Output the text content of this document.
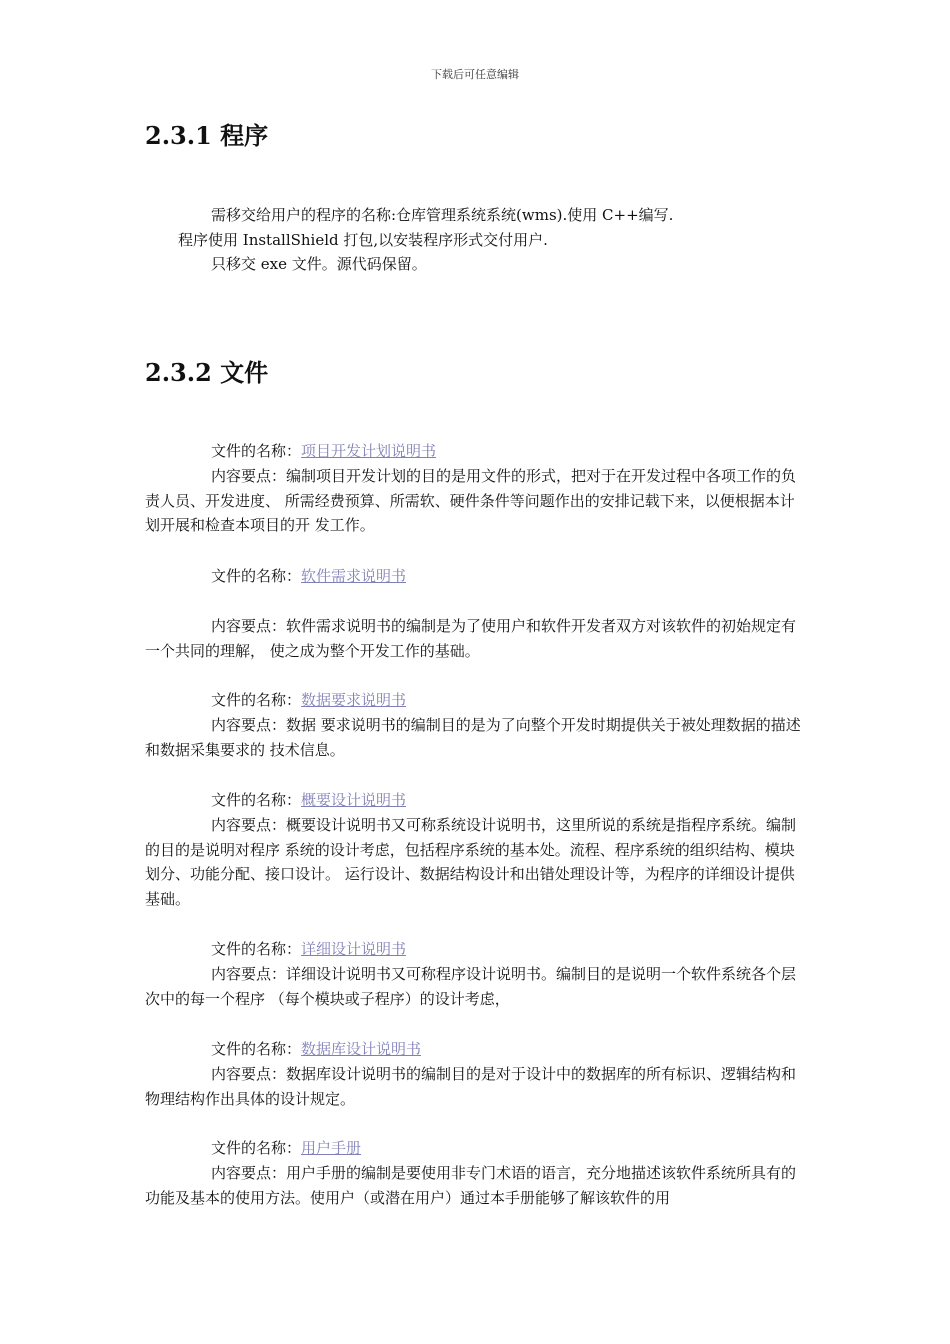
下载后可任意编辑
2.3.1 程序
需移交给用户的程序的名称:仓库管理系统系统(wms).使用 C++编写.
程序使用 InstallShield 打包,以安装程序形式交付用户.
只移交 exe 文件。源代码保留。
2.3.2 文件

文件的名称：项目开发计划说明书

内容要点：编制项目开发计划的目的是用文件的形式，把对于在开发过程中各项工作的负责人员、开发进度、 所需经费预算、所需软、硬件条件等问题作出的安排记载下来，以便根据本计划开展和检查本项目的开 发工作。

文件的名称：软件需求说明书

内容要点：软件需求说明书的编制是为了使用户和软件开发者双方对该软件的初始规定有一个共同的理解， 使之成为整个开发工作的基础。

文件的名称：数据要求说明书

内容要点：数据 要求说明书的编制目的是为了向整个开发时期提供关于被处理数据的描述和数据采集要求的 技术信息。

文件的名称：概要设计说明书

内容要点：概要设计说明书又可称系统设计说明书，这里所说的系统是指程序系统。编制的目的是说明对程序 系统的设计考虑，包括程序系统的基本处。流程、程序系统的组织结构、模块划分、功能分配、接口设计。 运行设计、数据结构设计和出错处理设计等，为程序的详细设计提供基础。

文件的名称：详细设计说明书

内容要点：详细设计说明书又可称程序设计说明书。编制目的是说明一个软件系统各个层次中的每一个程序 （每个模块或子程序）的设计考虑，

文件的名称：数据库设计说明书

内容要点：数据库设计说明书的编制目的是对于设计中的数据库的所有标识、逻辑结构和物理结构作出具体的设计规定。

文件的名称：用户手册

内容要点：用户手册的编制是要使用非专门术语的语言，充分地描述该软件系统所具有的功能及基本的使用方法。使用户（或潜在用户）通过本手册能够了解该软件的用
